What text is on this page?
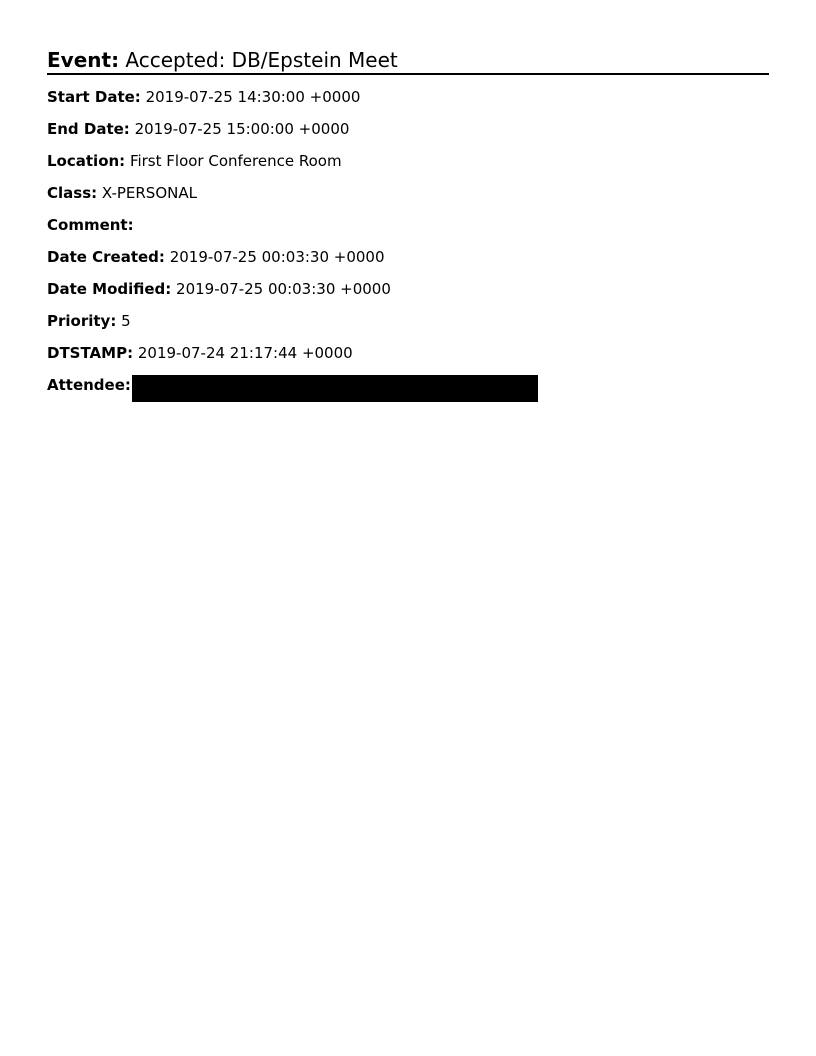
Event: Accepted: DB/Epstein Meet
Start Date: 2019-07-25 14:30:00 +0000
End Date: 2019-07-25 15:00:00 +0000
Location: First Floor Conference Room
Class: X-PERSONAL
Comment:
Date Created: 2019-07-25 00:03:30 +0000
Date Modified: 2019-07-25 00:03:30 +0000
Priority: 5
DTSTAMP: 2019-07-24 21:17:44 +0000
Attendee:
